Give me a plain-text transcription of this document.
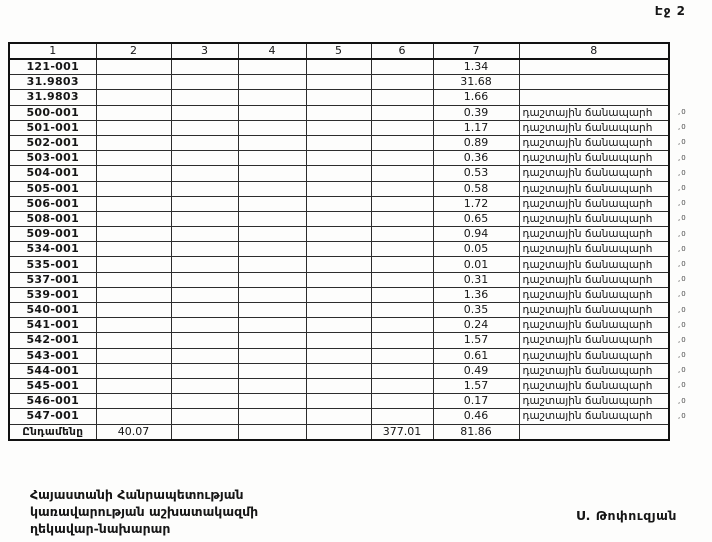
Էջ 2
1	2	3	4	5	6	7	8
121-001						1.34	
31.9803						31.68	
31.9803						1.66	
500-001						0.39	դաշտային ճանապարհ
501-001						1.17	դաշտային ճանապարհ
502-001						0.89	դաշտային ճանապարհ
503-001						0.36	դաշտային ճանապարհ
504-001						0.53	դաշտային ճանապարհ
505-001						0.58	դաշտային ճանապարհ
506-001						1.72	դաշտային ճանապարհ
508-001						0.65	դաշտային ճանապարհ
509-001						0.94	դաշտային ճանապարհ
534-001						0.05	դաշտային ճանապարհ
535-001						0.01	դաշտային ճանապարհ
537-001						0.31	դաշտային ճանապարհ
539-001						1.36	դաշտային ճանապարհ
540-001						0.35	դաշտային ճանապարհ
541-001						0.24	դաշտային ճանապարհ
542-001						1.57	դաշտային ճանապարհ
543-001						0.61	դաշտային ճանապարհ
544-001						0.49	դաշտային ճանապարհ
545-001						1.57	դաշտային ճանապարհ
546-001						0.17	դաշտային ճանապարհ
547-001						0.46	դաշտային ճանապարհ
Ընդամենը	40.07				377.01	81.86	
,0
,0
,0
,0
,0
,0
,0
,0
,0
,0
,0
,0
,0
,0
,0
,0
,0
,0
,0
,0
,0
Հայաստանի Հանրապետության
կառավարության աշխատակազմի
ղեկավար-նախարար
Ս. Թոփուզյան
